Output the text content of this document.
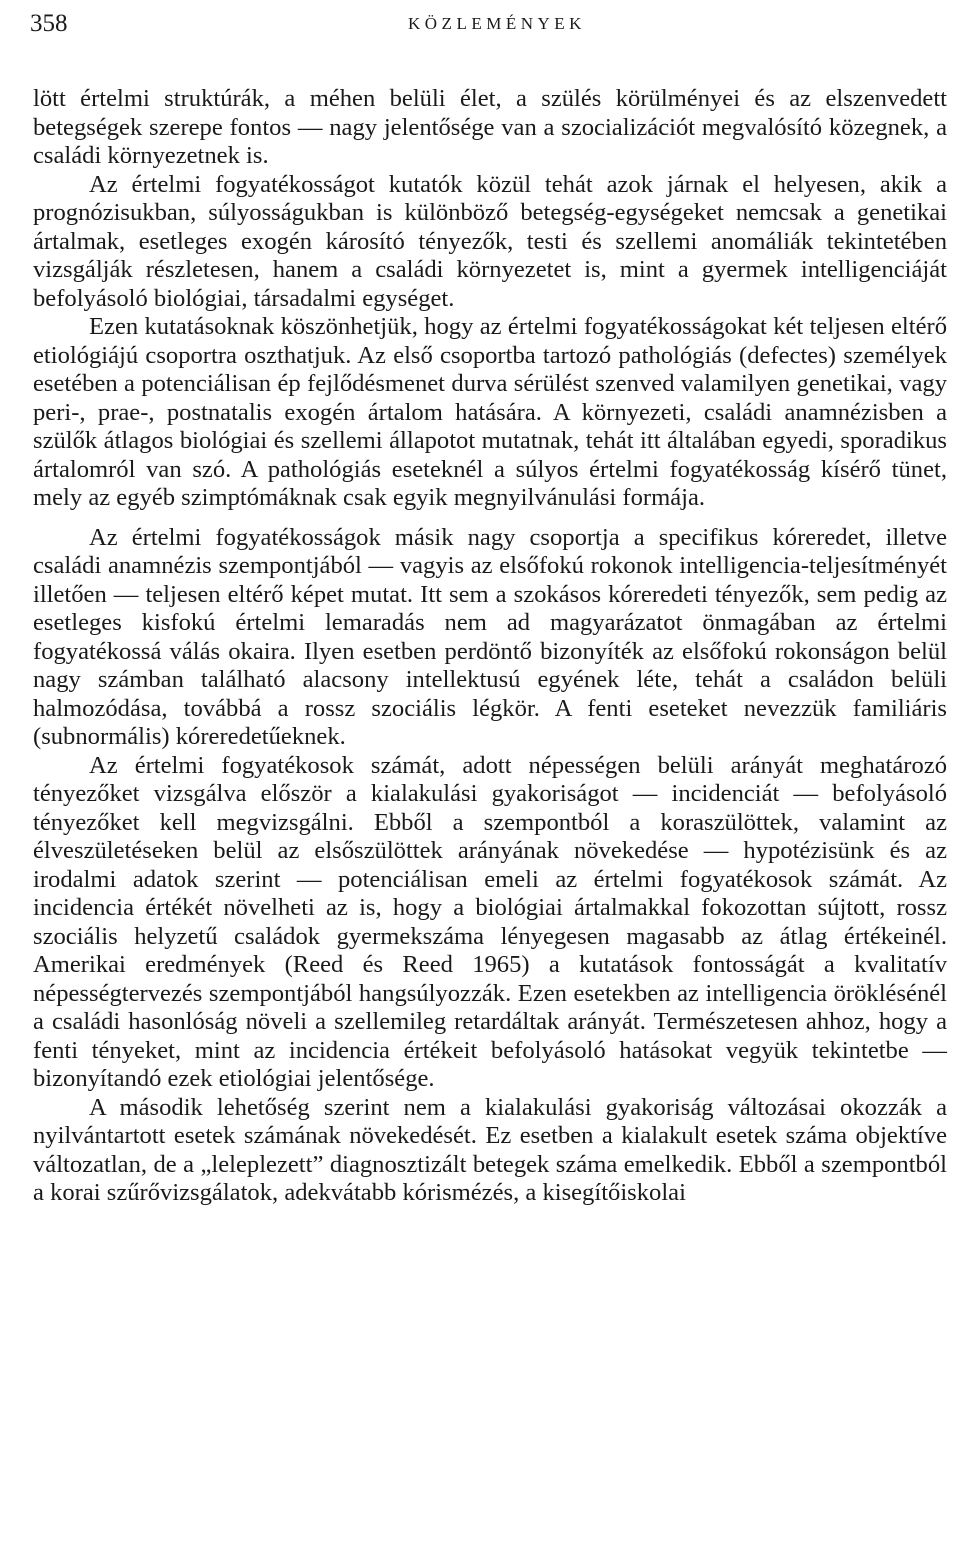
358	KÖZLEMÉNYEK

lött értelmi struktúrák, a méhen belüli élet, a szülés körülményei és az elszenvedett betegségek szerepe fontos — nagy jelentősége van a szocializációt megvalósító közegnek, a családi környezetnek is.

Az értelmi fogyatékosságot kutatók közül tehát azok járnak el helyesen, akik a prognózisukban, súlyosságukban is különböző betegség-egységeket nemcsak a genetikai ártalmak, esetleges exogén károsító tényezők, testi és szellemi anomáliák tekintetében vizsgálják részletesen, hanem a családi környezetet is, mint a gyermek intelligenciáját befolyásoló biológiai, társadalmi egységet.

Ezen kutatásoknak köszönhetjük, hogy az értelmi fogyatékosságokat két teljesen eltérő etiológiájú csoportra oszthatjuk. Az első csoportba tartozó pathológiás (defectes) személyek esetében a potenciálisan ép fejlődésmenet durva sérülést szenved valamilyen genetikai, vagy peri-, prae-, postnatalis exogén ártalom hatására. A környezeti, családi anamnézisben a szülők átlagos biológiai és szellemi állapotot mutatnak, tehát itt általában egyedi, sporadikus ártalomról van szó. A pathológiás eseteknél a súlyos értelmi fogyatékosság kísérő tünet, mely az egyéb szimptómáknak csak egyik megnyilvánulási formája.

Az értelmi fogyatékosságok másik nagy csoportja a specifikus kóreredet, illetve családi anamnézis szempontjából — vagyis az elsőfokú rokonok intelligencia-teljesítményét illetően — teljesen eltérő képet mutat. Itt sem a szokásos kóreredeti tényezők, sem pedig az esetleges kisfokú értelmi lemaradás nem ad magyarázatot önmagában az értelmi fogyatékossá válás okaira. Ilyen esetben perdöntő bizonyíték az elsőfokú rokonságon belül nagy számban található alacsony intellektusú egyének léte, tehát a családon belüli halmozódása, továbbá a rossz szociális légkör. A fenti eseteket nevezzük familiáris (subnormális) kóreredetűeknek.

Az értelmi fogyatékosok számát, adott népességen belüli arányát meghatározó tényezőket vizsgálva először a kialakulási gyakoriságot — incidenciát — befolyásoló tényezőket kell megvizsgálni. Ebből a szempontból a koraszülöttek, valamint az élveszületéseken belül az elsőszülöttek arányának növekedése — hypotézisünk és az irodalmi adatok szerint — potenciálisan emeli az értelmi fogyatékosok számát. Az incidencia értékét növelheti az is, hogy a biológiai ártalmakkal fokozottan sújtott, rossz szociális helyzetű családok gyermekszáma lényegesen magasabb az átlag értékeinél. Amerikai eredmények (Reed és Reed 1965) a kutatások fontosságát a kvalitatív népességtervezés szempontjából hangsúlyozzák. Ezen esetekben az intelligencia öröklésénél a családi hasonlóság növeli a szellemileg retardáltak arányát. Természetesen ahhoz, hogy a fenti tényeket, mint az incidencia értékeit befolyásoló hatásokat vegyük tekintetbe — bizonyítandó ezek etiológiai jelentősége.

A második lehetőség szerint nem a kialakulási gyakoriság változásai okozzák a nyilvántartott esetek számának növekedését. Ez esetben a kialakult esetek száma objektíve változatlan, de a „leleplezett” diagnosztizált betegek száma emelkedik. Ebből a szempontból a korai szűrővizsgálatok, adekvátabb kórismézés, a kisegítőiskolai
